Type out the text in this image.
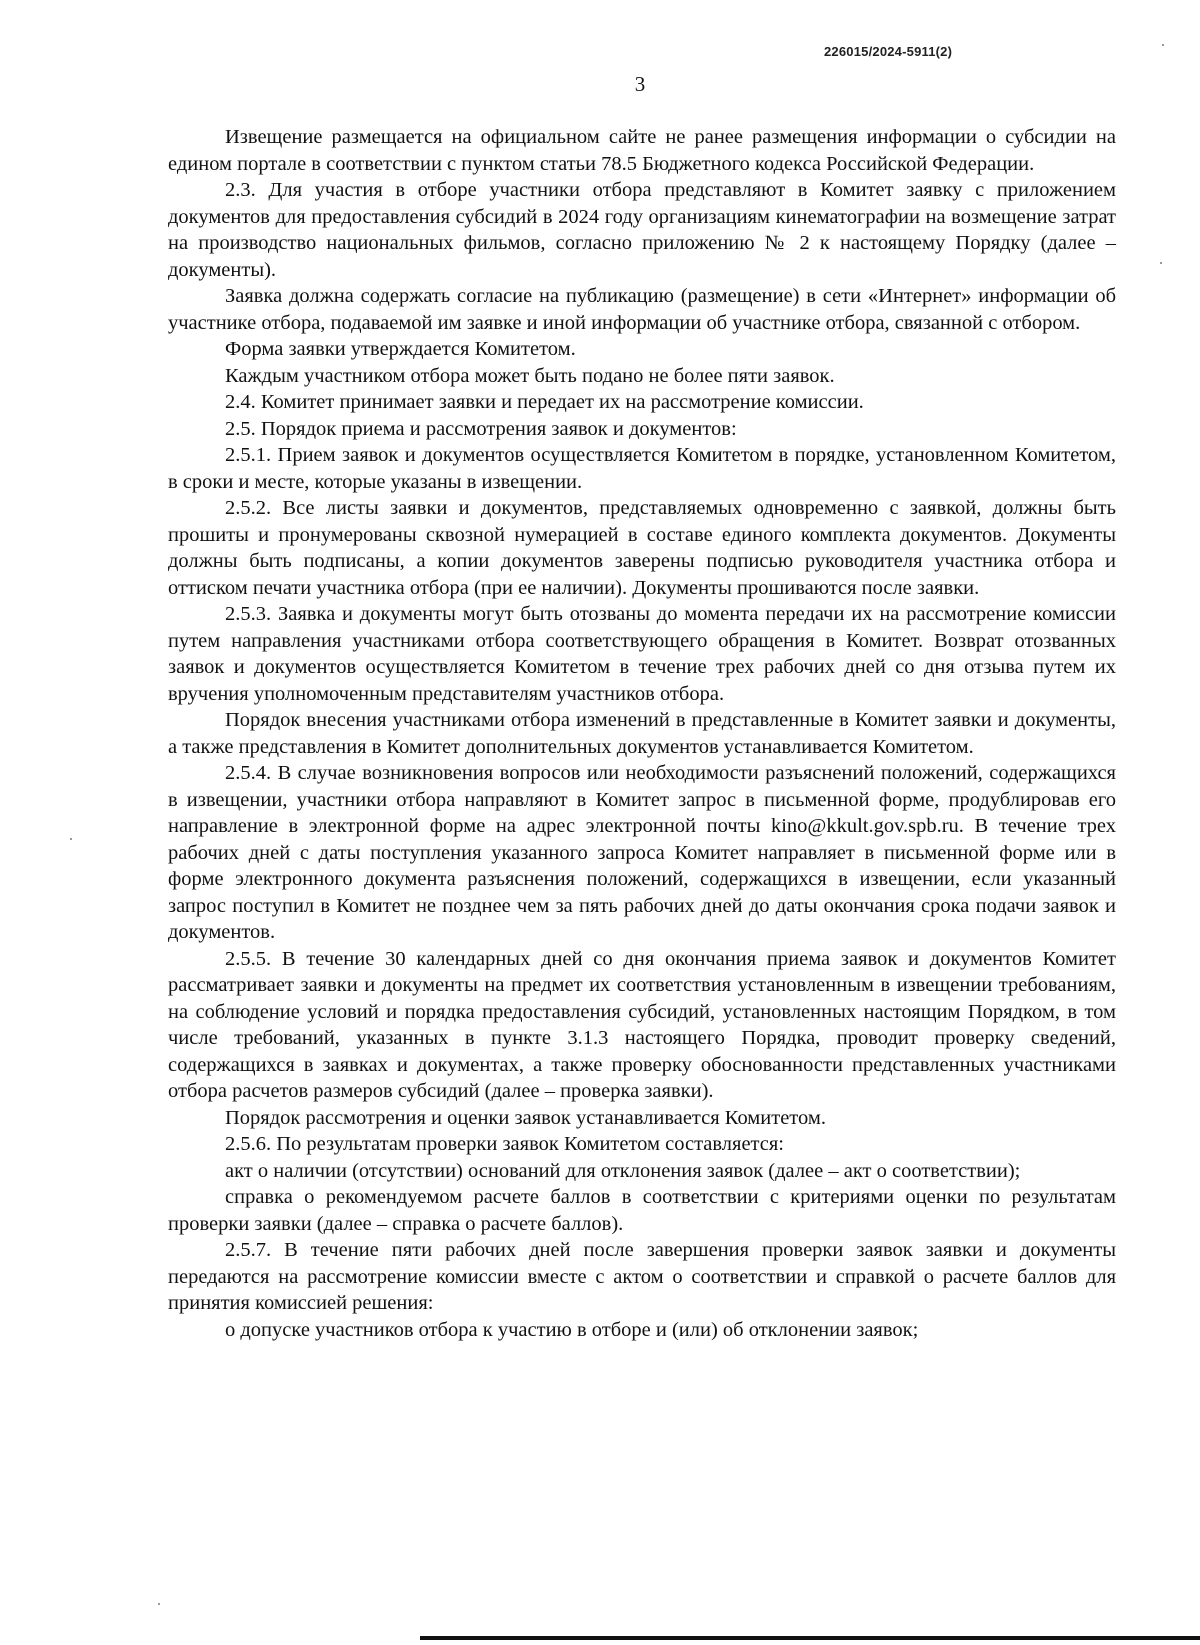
226015/2024-5911(2)
3

Извещение размещается на официальном сайте не ранее размещения информации о субсидии на едином портале в соответствии с пунктом статьи 78.5 Бюджетного кодекса Российской Федерации.

2.3. Для участия в отборе участники отбора представляют в Комитет заявку с приложением документов для предоставления субсидий в 2024 году организациям кинематографии на возмещение затрат на производство национальных фильмов, согласно приложению № 2 к настоящему Порядку (далее – документы).

Заявка должна содержать согласие на публикацию (размещение) в сети «Интернет» информации об участнике отбора, подаваемой им заявке и иной информации об участнике отбора, связанной с отбором.

Форма заявки утверждается Комитетом.

Каждым участником отбора может быть подано не более пяти заявок.

2.4. Комитет принимает заявки и передает их на рассмотрение комиссии.

2.5. Порядок приема и рассмотрения заявок и документов:

2.5.1. Прием заявок и документов осуществляется Комитетом в порядке, установленном Комитетом, в сроки и месте, которые указаны в извещении.

2.5.2. Все листы заявки и документов, представляемых одновременно с заявкой, должны быть прошиты и пронумерованы сквозной нумерацией в составе единого комплекта документов. Документы должны быть подписаны, а копии документов заверены подписью руководителя участника отбора и оттиском печати участника отбора (при ее наличии). Документы прошиваются после заявки.

2.5.3. Заявка и документы могут быть отозваны до момента передачи их на рассмотрение комиссии путем направления участниками отбора соответствующего обращения в Комитет. Возврат отозванных заявок и документов осуществляется Комитетом в течение трех рабочих дней со дня отзыва путем их вручения уполномоченным представителям участников отбора.

Порядок внесения участниками отбора изменений в представленные в Комитет заявки и документы, а также представления в Комитет дополнительных документов устанавливается Комитетом.

2.5.4. В случае возникновения вопросов или необходимости разъяснений положений, содержащихся в извещении, участники отбора направляют в Комитет запрос в письменной форме, продублировав его направление в электронной форме на адрес электронной почты kino@kkult.gov.spb.ru. В течение трех рабочих дней с даты поступления указанного запроса Комитет направляет в письменной форме или в форме электронного документа разъяснения положений, содержащихся в извещении, если указанный запрос поступил в Комитет не позднее чем за пять рабочих дней до даты окончания срока подачи заявок и документов.

2.5.5. В течение 30 календарных дней со дня окончания приема заявок и документов Комитет рассматривает заявки и документы на предмет их соответствия установленным в извещении требованиям, на соблюдение условий и порядка предоставления субсидий, установленных настоящим Порядком, в том числе требований, указанных в пункте 3.1.3 настоящего Порядка, проводит проверку сведений, содержащихся в заявках и документах, а также проверку обоснованности представленных участниками отбора расчетов размеров субсидий (далее – проверка заявки).

Порядок рассмотрения и оценки заявок устанавливается Комитетом.

2.5.6. По результатам проверки заявок Комитетом составляется:

акт о наличии (отсутствии) оснований для отклонения заявок (далее – акт о соответствии);

справка о рекомендуемом расчете баллов в соответствии с критериями оценки по результатам проверки заявки (далее – справка о расчете баллов).

2.5.7. В течение пяти рабочих дней после завершения проверки заявок заявки и документы передаются на рассмотрение комиссии вместе с актом о соответствии и справкой о расчете баллов для принятия комиссией решения:

о допуске участников отбора к участию в отборе и (или) об отклонении заявок;
